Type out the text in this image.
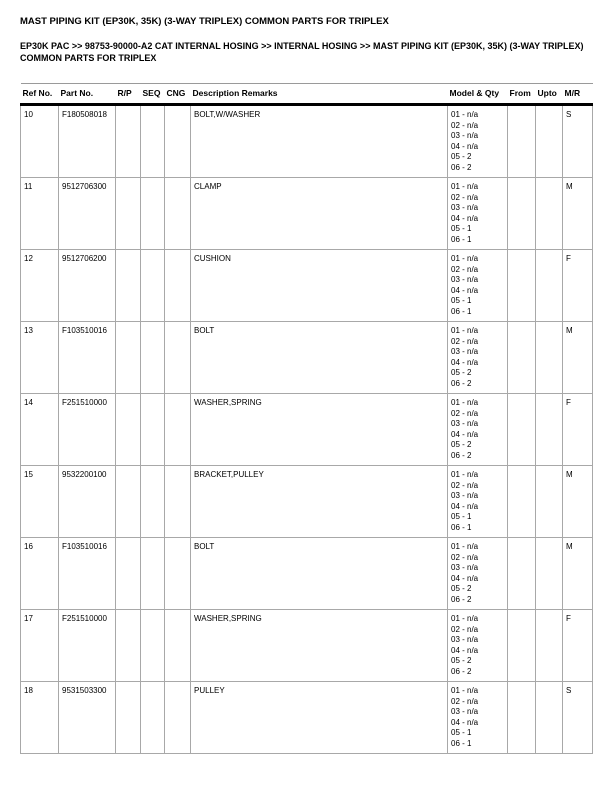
MAST PIPING KIT (EP30K, 35K) (3-WAY TRIPLEX) COMMON PARTS FOR TRIPLEX
EP30K PAC >> 98753-90000-A2 CAT INTERNAL HOSING >> INTERNAL HOSING >> MAST PIPING KIT (EP30K, 35K) (3-WAY TRIPLEX) COMMON PARTS FOR TRIPLEX
Ref No.	Part No.	R/P	SEQ	CNG	Description Remarks	Model & Qty	From	Upto	M/R
10	F180508018				BOLT,W/WASHER	01 - n/a
02 - n/a
03 - n/a
04 - n/a
05 - 2
06 - 2
			S
11	9512706300				CLAMP	01 - n/a
02 - n/a
03 - n/a
04 - n/a
05 - 1
06 - 1
			M
12	9512706200				CUSHION	01 - n/a
02 - n/a
03 - n/a
04 - n/a
05 - 1
06 - 1
			F
13	F103510016				BOLT	01 - n/a
02 - n/a
03 - n/a
04 - n/a
05 - 2
06 - 2
			M
14	F251510000				WASHER,SPRING	01 - n/a
02 - n/a
03 - n/a
04 - n/a
05 - 2
06 - 2
			F
15	9532200100				BRACKET,PULLEY	01 - n/a
02 - n/a
03 - n/a
04 - n/a
05 - 1
06 - 1
			M
16	F103510016				BOLT	01 - n/a
02 - n/a
03 - n/a
04 - n/a
05 - 2
06 - 2
			M
17	F251510000				WASHER,SPRING	01 - n/a
02 - n/a
03 - n/a
04 - n/a
05 - 2
06 - 2
			F
18	9531503300				PULLEY	01 - n/a
02 - n/a
03 - n/a
04 - n/a
05 - 1
06 - 1
			S
